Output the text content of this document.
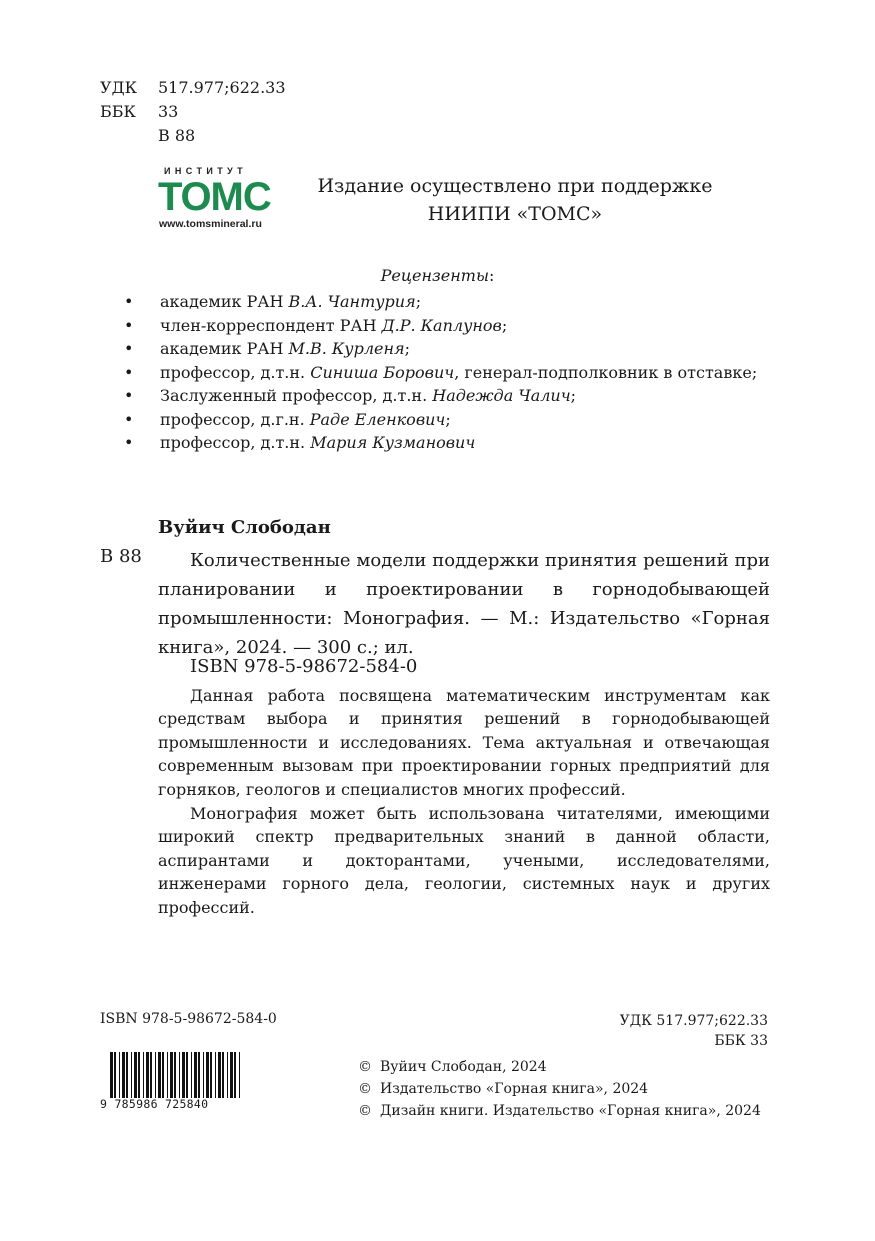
УДК	517.977;622.33
ББК	33
В 88
ИНСТИТУТ
ТОМС
www.tomsmineral.ru
Издание осуществлено при поддержке
НИИПИ «ТОМС»
Рецензенты:
• академик РАН В.А. Чантурия;
• член-корреспондент РАН Д.Р. Каплунов;
• академик РАН М.В. Курленя;
• профессор, д.т.н. Синиша Борович, генерал-подполковник в отставке;
• Заслуженный профессор, д.т.н. Надежда Чалич;
• профессор, д.г.н. Раде Еленкович;
• профессор, д.т.н. Мария Кузманович
Вуйич Слободан
В 88	Количественные модели поддержки принятия решений при планировании и проектировании в горнодобывающей промышленности: Монография. — М.: Издательство «Горная книга», 2024. — 300 с.; ил.
ISBN 978-5-98672-584-0

Данная работа посвящена математическим инструментам как средствам выбора и принятия решений в горнодобывающей промышленности и исследованиях. Тема актуальная и отвечающая современным вызовам при проектировании горных предприятий для горняков, геологов и специалистов многих профессий.

Монография может быть использована читателями, имеющими широкий спектр предварительных знаний в данной области, аспирантами и докторантами, учеными, исследователями, инженерами горного дела, геологии, системных наук и других профессий.

ISBN 978-5-98672-584-0	УДК 517.977;622.33
ББК 33
9 785986 725840
© Вуйич Слободан, 2024
© Издательство «Горная книга», 2024
© Дизайн книги. Издательство «Горная книга», 2024
